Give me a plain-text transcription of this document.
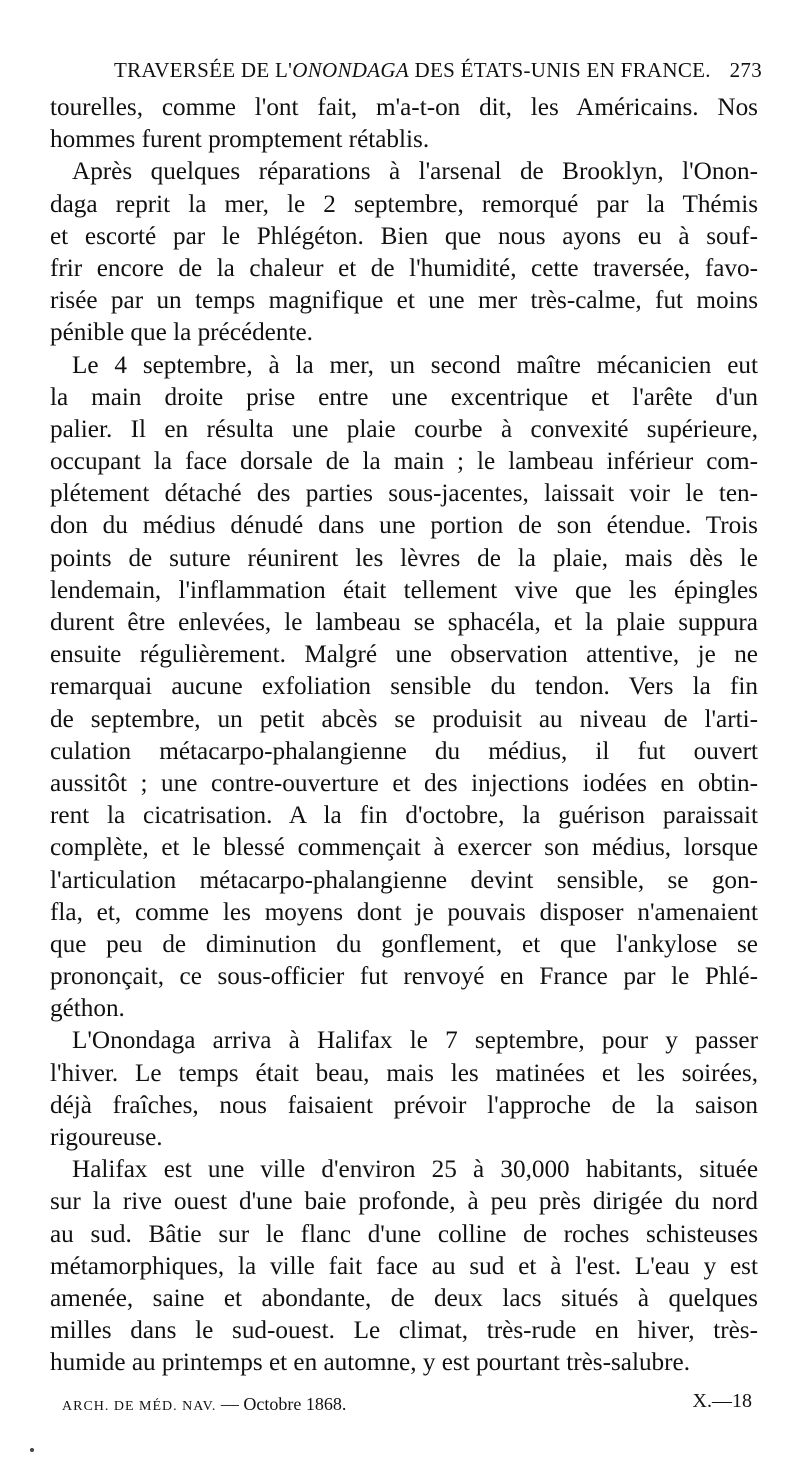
TRAVERSÉE DE L'ONONDAGA DES ÉTATS-UNIS EN FRANCE. 273
tourelles, comme l'ont fait, m'a-t-on dit, les Américains. Nos
hommes furent promptement rétablis.
Après quelques réparations à l'arsenal de Brooklyn, l'Onon-
daga reprit la mer, le 2 septembre, remorqué par la Thémis
et escorté par le Phlégéton. Bien que nous ayons eu à souf-
frir encore de la chaleur et de l'humidité, cette traversée, favo-
risée par un temps magnifique et une mer très-calme, fut moins
pénible que la précédente.
Le 4 septembre, à la mer, un second maître mécanicien eut
la main droite prise entre une excentrique et l'arête d'un
palier. Il en résulta une plaie courbe à convexité supérieure,
occupant la face dorsale de la main ; le lambeau inférieur com-
plétement détaché des parties sous-jacentes, laissait voir le ten-
don du médius dénudé dans une portion de son étendue. Trois
points de suture réunirent les lèvres de la plaie, mais dès le
lendemain, l'inflammation était tellement vive que les épingles
durent être enlevées, le lambeau se sphacéla, et la plaie suppura
ensuite régulièrement. Malgré une observation attentive, je ne
remarquai aucune exfoliation sensible du tendon. Vers la fin
de septembre, un petit abcès se produisit au niveau de l'arti-
culation métacarpo-phalangienne du médius, il fut ouvert
aussitôt ; une contre-ouverture et des injections iodées en obtin-
rent la cicatrisation. A la fin d'octobre, la guérison paraissait
complète, et le blessé commençait à exercer son médius, lorsque
l'articulation métacarpo-phalangienne devint sensible, se gon-
fla, et, comme les moyens dont je pouvais disposer n'amenaient
que peu de diminution du gonflement, et que l'ankylose se
prononçait, ce sous-officier fut renvoyé en France par le Phlé-
géthon.
L'Onondaga arriva à Halifax le 7 septembre, pour y passer
l'hiver. Le temps était beau, mais les matinées et les soirées,
déjà fraîches, nous faisaient prévoir l'approche de la saison
rigoureuse.
Halifax est une ville d'environ 25 à 30,000 habitants, située
sur la rive ouest d'une baie profonde, à peu près dirigée du nord
au sud. Bâtie sur le flanc d'une colline de roches schisteuses
métamorphiques, la ville fait face au sud et à l'est. L'eau y est
amenée, saine et abondante, de deux lacs situés à quelques
milles dans le sud-ouest. Le climat, très-rude en hiver, très-
humide au printemps et en automne, y est pourtant très-salubre.
ARCH. DE MÉD. NAV. — Octobre 1868.	X.—18
